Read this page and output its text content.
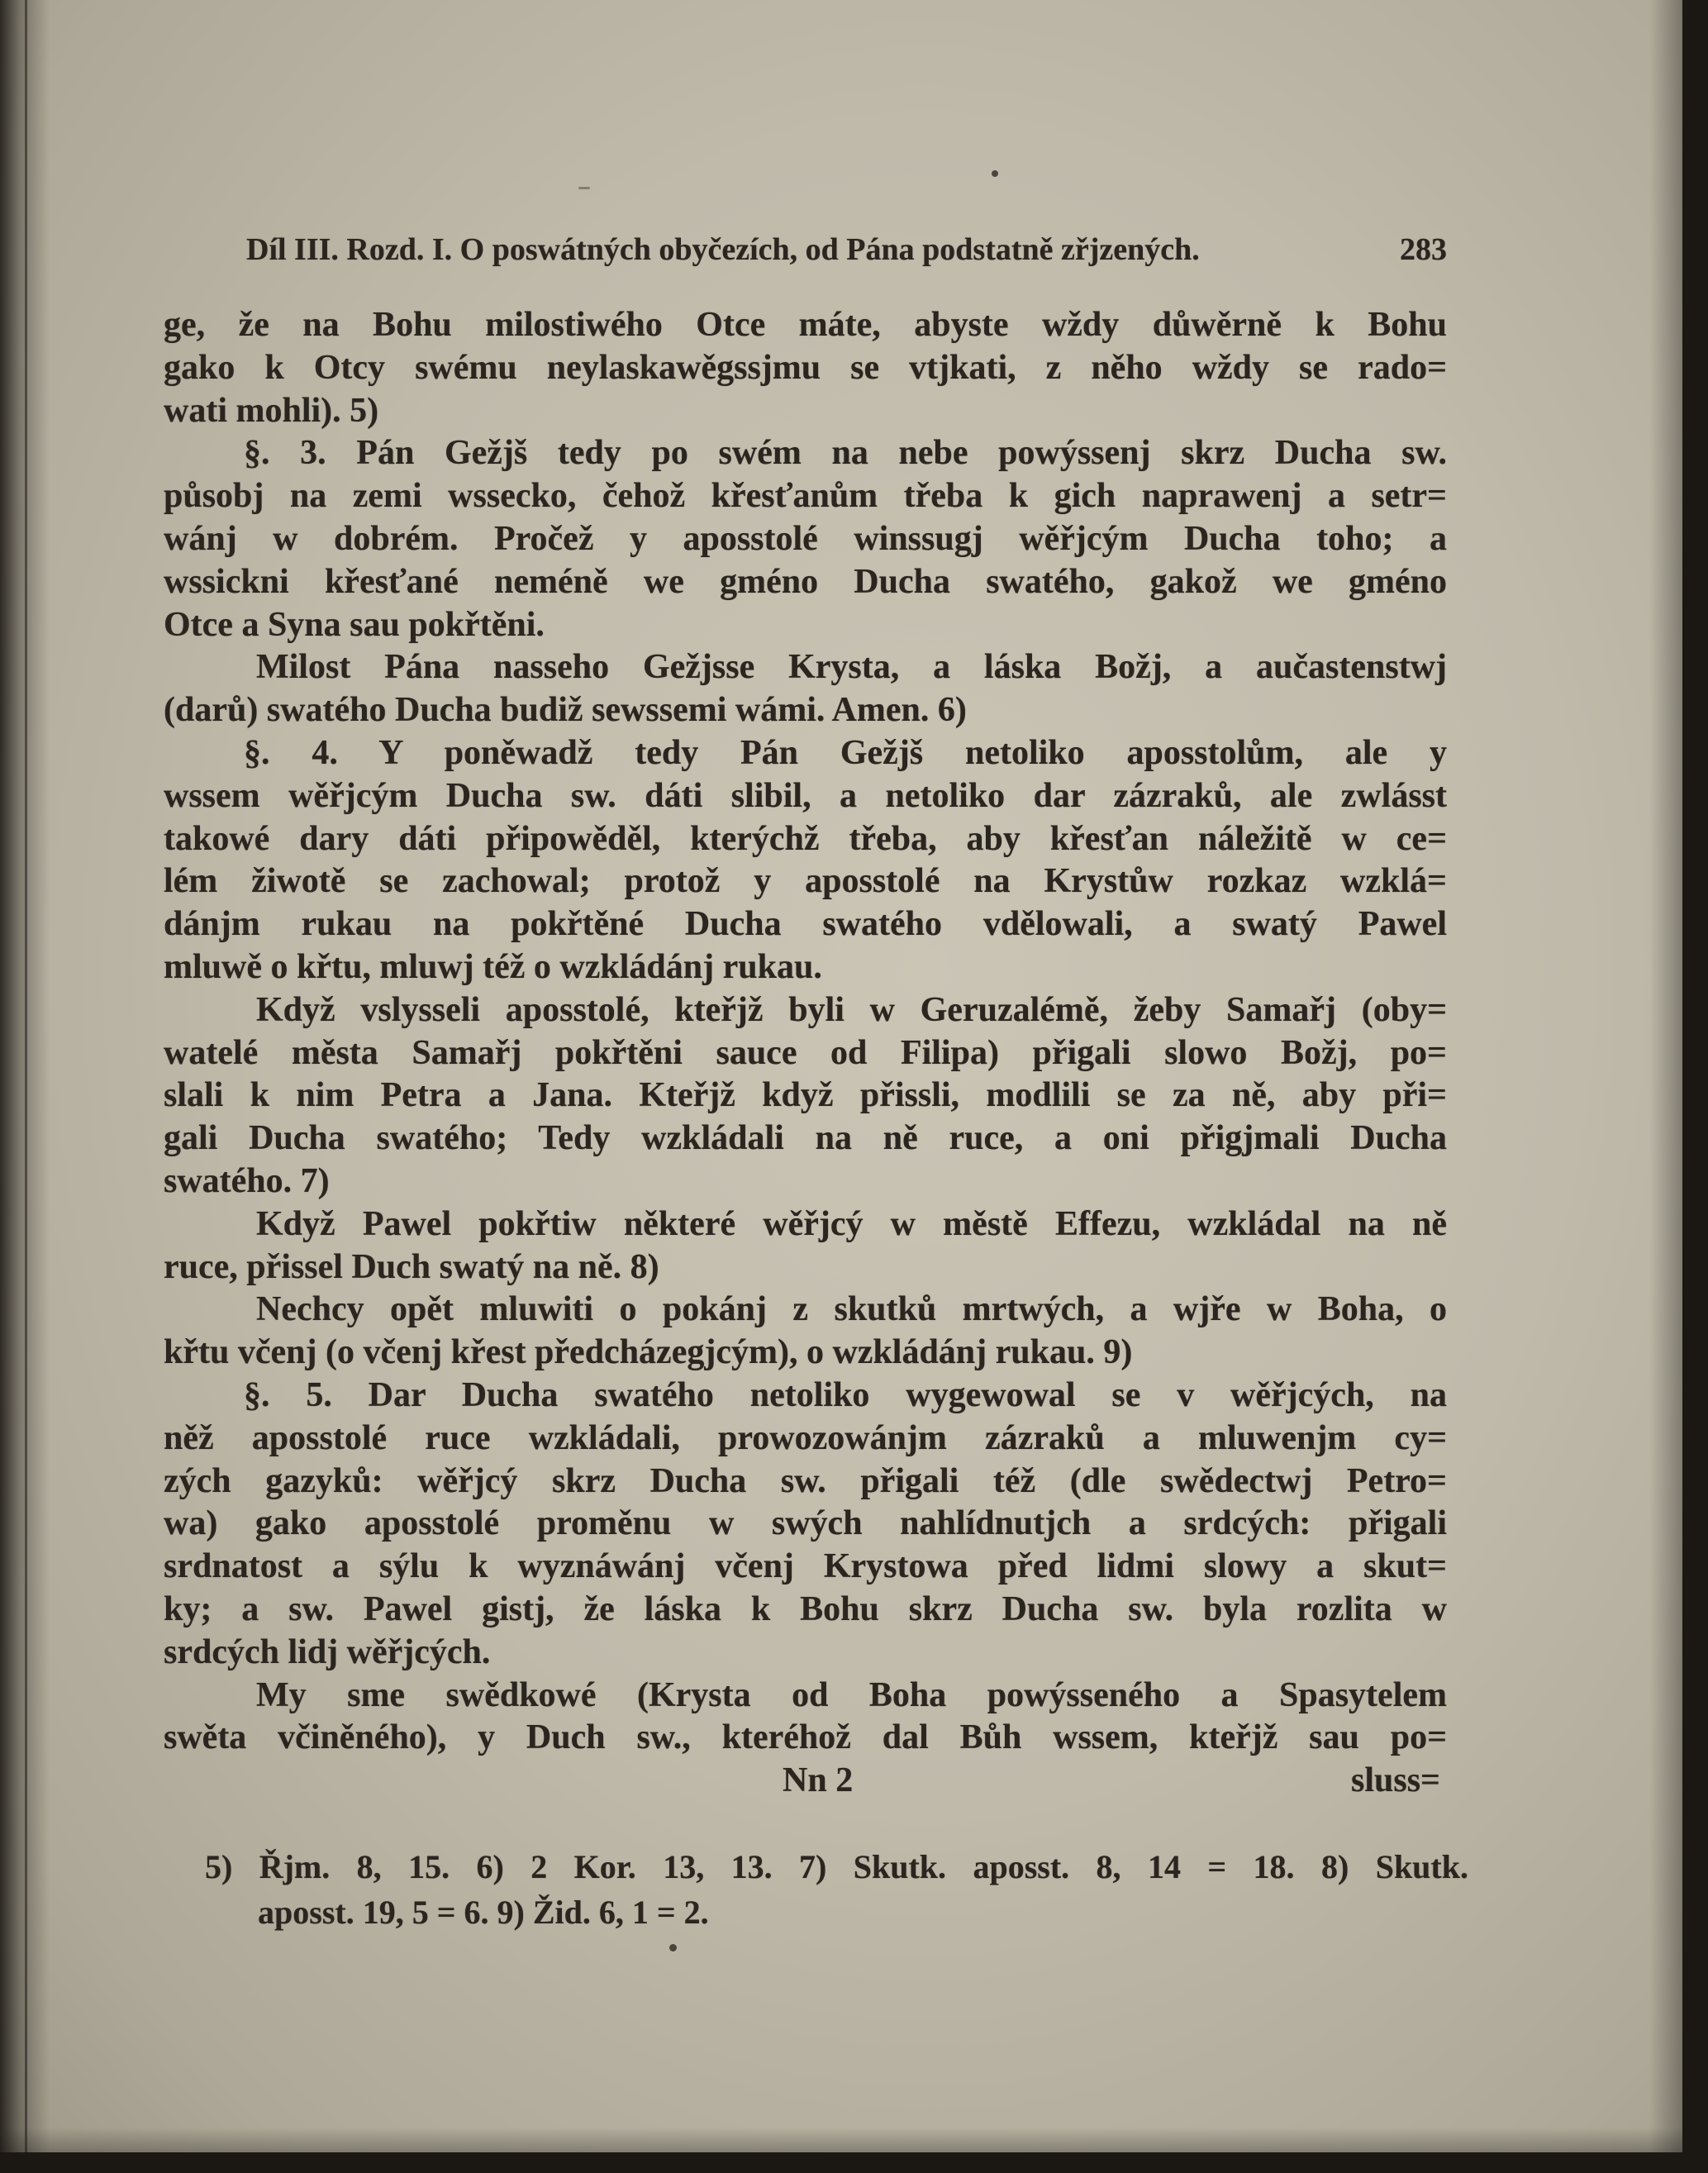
Díl III. Rozd. I. O poswátných obyčezích, od Pána podstatně zřjzených.	283
ge, že na Bohu milostiwého Otce máte, abyste wždy důwěrně k Bohu
gako k Otcy swému neylaskawěgssjmu se vtjkati, z něho wždy se rado=
wati mohli). 5)
§. 3. Pán Gežjš tedy po swém na nebe powýssenj skrz Ducha sw.
působj na zemi wssecko, čehož křesťanům třeba k gich naprawenj a setr=
wánj w dobrém. Pročež y aposstolé winssugj wěřjcým Ducha toho; a
wssickni křesťané neméně we gméno Ducha swatého, gakož we gméno
Otce a Syna sau pokřtěni.
Milost Pána nasseho Gežjsse Krysta, a láska Božj, a aučastenstwj
(darů) swatého Ducha budiž sewssemi wámi. Amen. 6)
§. 4. Y poněwadž tedy Pán Gežjš netoliko aposstolům, ale y
wssem wěřjcým Ducha sw. dáti slibil, a netoliko dar zázraků, ale zwlásst
takowé dary dáti připowěděl, kterýchž třeba, aby křesťan náležitě w ce=
lém žiwotě se zachowal; protož y aposstolé na Krystůw rozkaz wzklá=
dánjm rukau na pokřtěné Ducha swatého vdělowali, a swatý Pawel
mluwě o křtu, mluwj též o wzkládánj rukau.
Když vslysseli aposstolé, kteřjž byli w Geruzalémě, žeby Samařj (oby=
watelé města Samařj pokřtěni sauce od Filipa) přigali slowo Božj, po=
slali k nim Petra a Jana. Kteřjž když přissli, modlili se za ně, aby při=
gali Ducha swatého; Tedy wzkládali na ně ruce, a oni přigjmali Ducha
swatého. 7)
Když Pawel pokřtiw některé wěřjcý w městě Effezu, wzkládal na ně
ruce, přissel Duch swatý na ně. 8)
Nechcy opět mluwiti o pokánj z skutků mrtwých, a wjře w Boha, o
křtu včenj (o včenj křest předcházegjcým), o wzkládánj rukau. 9)
§. 5. Dar Ducha swatého netoliko wygewowal se v wěřjcých, na
něž aposstolé ruce wzkládali, prowozowánjm zázraků a mluwenjm cy=
zých gazyků: wěřjcý skrz Ducha sw. přigali též (dle swědectwj Petro=
wa) gako aposstolé proměnu w swých nahlídnutjch a srdcých: přigali
srdnatost a sýlu k wyznáwánj včenj Krystowa před lidmi slowy a skut=
ky; a sw. Pawel gistj, že láska k Bohu skrz Ducha sw. byla rozlita w
srdcých lidj wěřjcých.
My sme swědkowé (Krysta od Boha powýsseného a Spasytelem
swěta včiněného), y Duch sw., kteréhož dal Bůh wssem, kteřjž sau po=
Nn 2	sluss=
5) Řjm. 8, 15. 6) 2 Kor. 13, 13. 7) Skutk. aposst. 8, 14 = 18. 8) Skutk.
aposst. 19, 5 = 6. 9) Žid. 6, 1 = 2.
